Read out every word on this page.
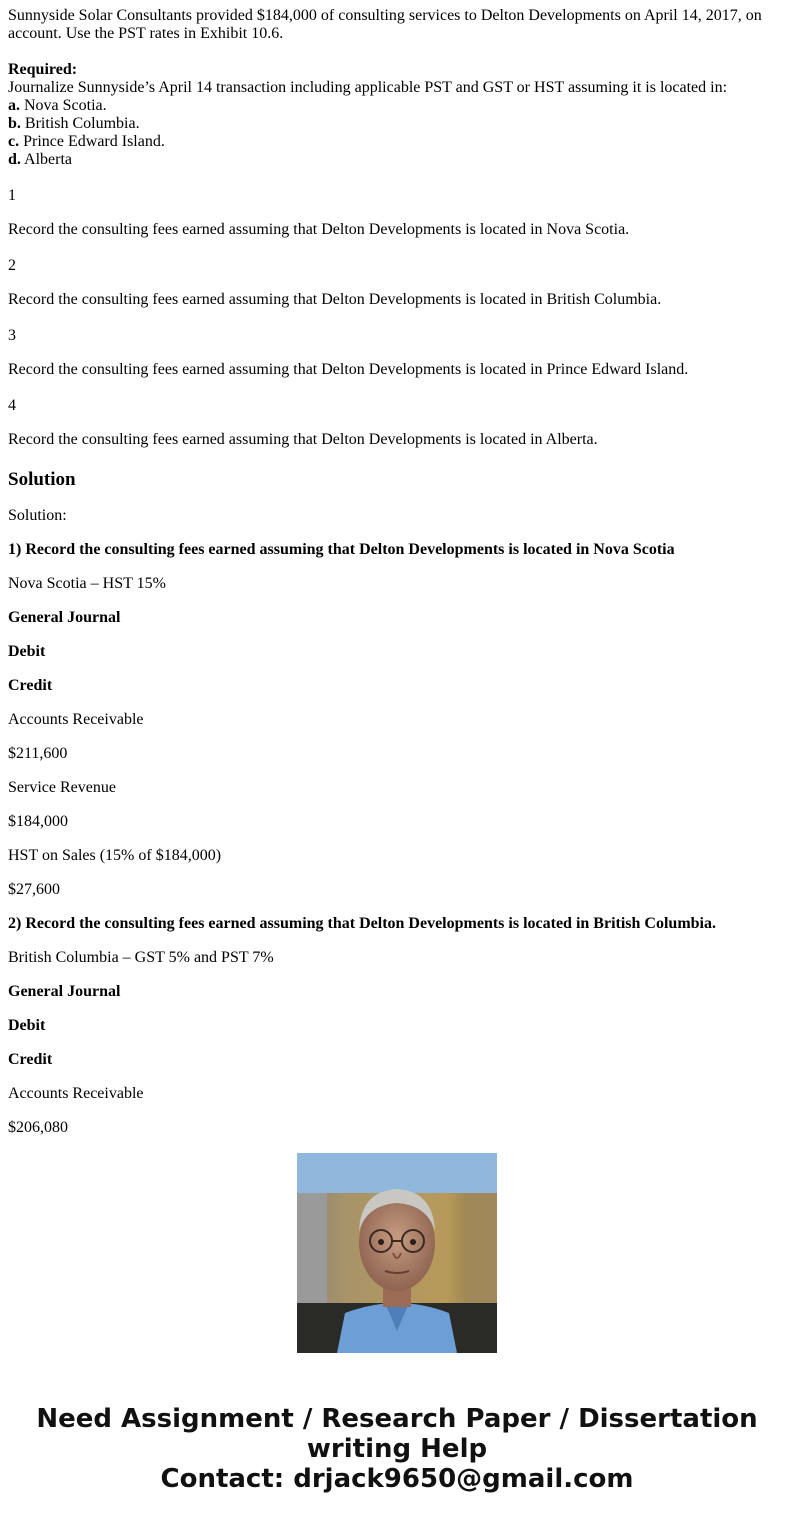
Sunnyside Solar Consultants provided $184,000 of consulting services to Delton Developments on April 14, 2017, on account. Use the PST rates in Exhibit 10.6.
Required:
Journalize Sunnyside’s April 14 transaction including applicable PST and GST or HST assuming it is located in:
a. Nova Scotia.
b. British Columbia.
c. Prince Edward Island.
d. Alberta
1
Record the consulting fees earned assuming that Delton Developments is located in Nova Scotia.
2
Record the consulting fees earned assuming that Delton Developments is located in British Columbia.
3
Record the consulting fees earned assuming that Delton Developments is located in Prince Edward Island.
4
Record the consulting fees earned assuming that Delton Developments is located in Alberta.
Solution
Solution:
1) Record the consulting fees earned assuming that Delton Developments is located in Nova Scotia
Nova Scotia – HST 15%
General Journal
Debit
Credit
Accounts Receivable
$211,600
Service Revenue
$184,000
HST on Sales (15% of $184,000)
$27,600
2) Record the consulting fees earned assuming that Delton Developments is located in British Columbia.
British Columbia – GST 5% and PST 7%
General Journal
Debit
Credit
Accounts Receivable
$206,080
Need Assignment / Research Paper / Dissertation
writing Help
Contact: drjack9650@gmail.com
